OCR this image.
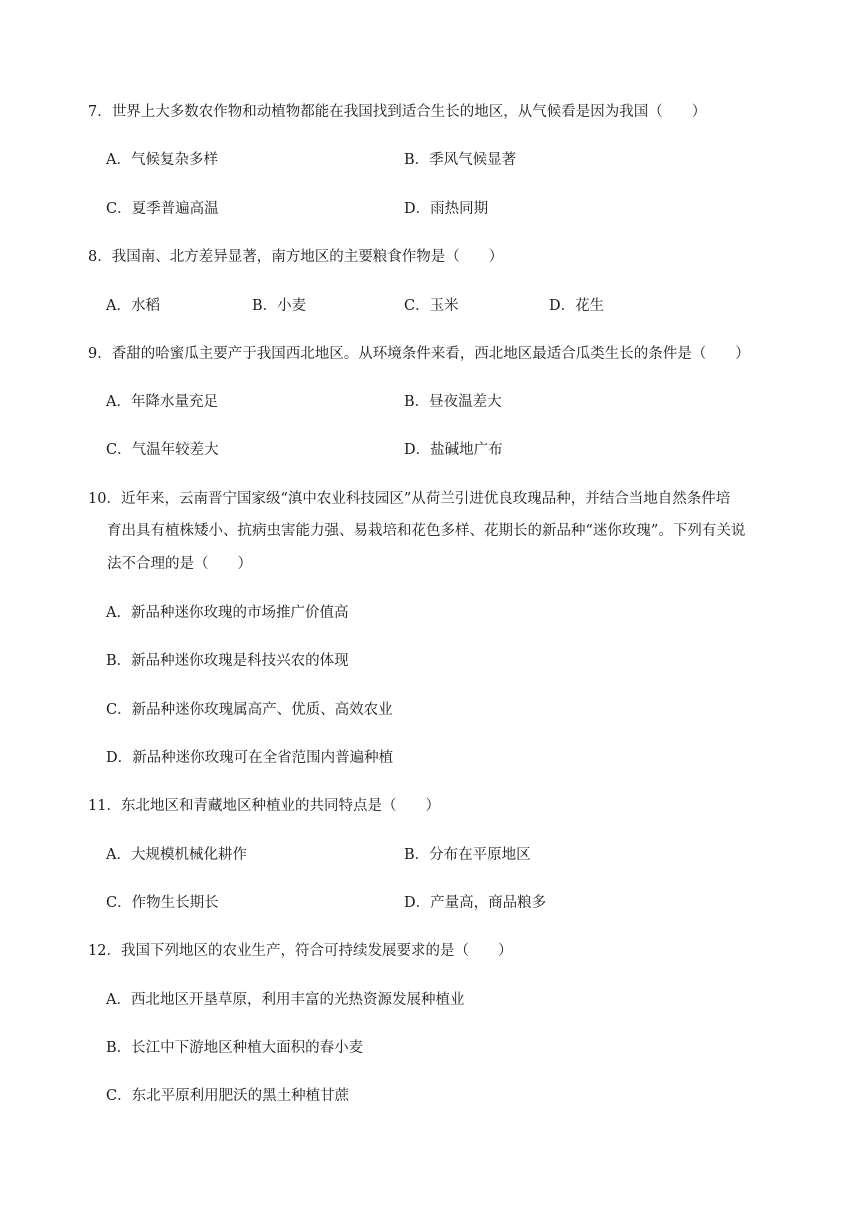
7．世界上大多数农作物和动植物都能在我国找到适合生长的地区，从气候看是因为我国（　　）
A．气候复杂多样	B．季风气候显著
C．夏季普遍高温	D．雨热同期
8．我国南、北方差异显著，南方地区的主要粮食作物是（　　）
A．水稻	B．小麦	C．玉米	D．花生
9．香甜的哈蜜瓜主要产于我国西北地区。从环境条件来看，西北地区最适合瓜类生长的条件是（　　）
A．年降水量充足	B．昼夜温差大
C．气温年较差大	D．盐碱地广布
10．近年来，云南晋宁国家级“滇中农业科技园区”从荷兰引进优良玫瑰品种，并结合当地自然条件培
育出具有植株矮小、抗病虫害能力强、易栽培和花色多样、花期长的新品种“迷你玫瑰”。下列有关说
法不合理的是（　　）
A．新品种迷你玫瑰的市场推广价值高
B．新品种迷你玫瑰是科技兴农的体现
C．新品种迷你玫瑰属高产、优质、高效农业
D．新品种迷你玫瑰可在全省范围内普遍种植
11．东北地区和青藏地区种植业的共同特点是（　　）
A．大规模机械化耕作	B．分布在平原地区
C．作物生长期长	D．产量高，商品粮多
12．我国下列地区的农业生产，符合可持续发展要求的是（　　）
A．西北地区开垦草原，利用丰富的光热资源发展种植业
B．长江中下游地区种植大面积的春小麦
C．东北平原利用肥沃的黑土种植甘蔗
